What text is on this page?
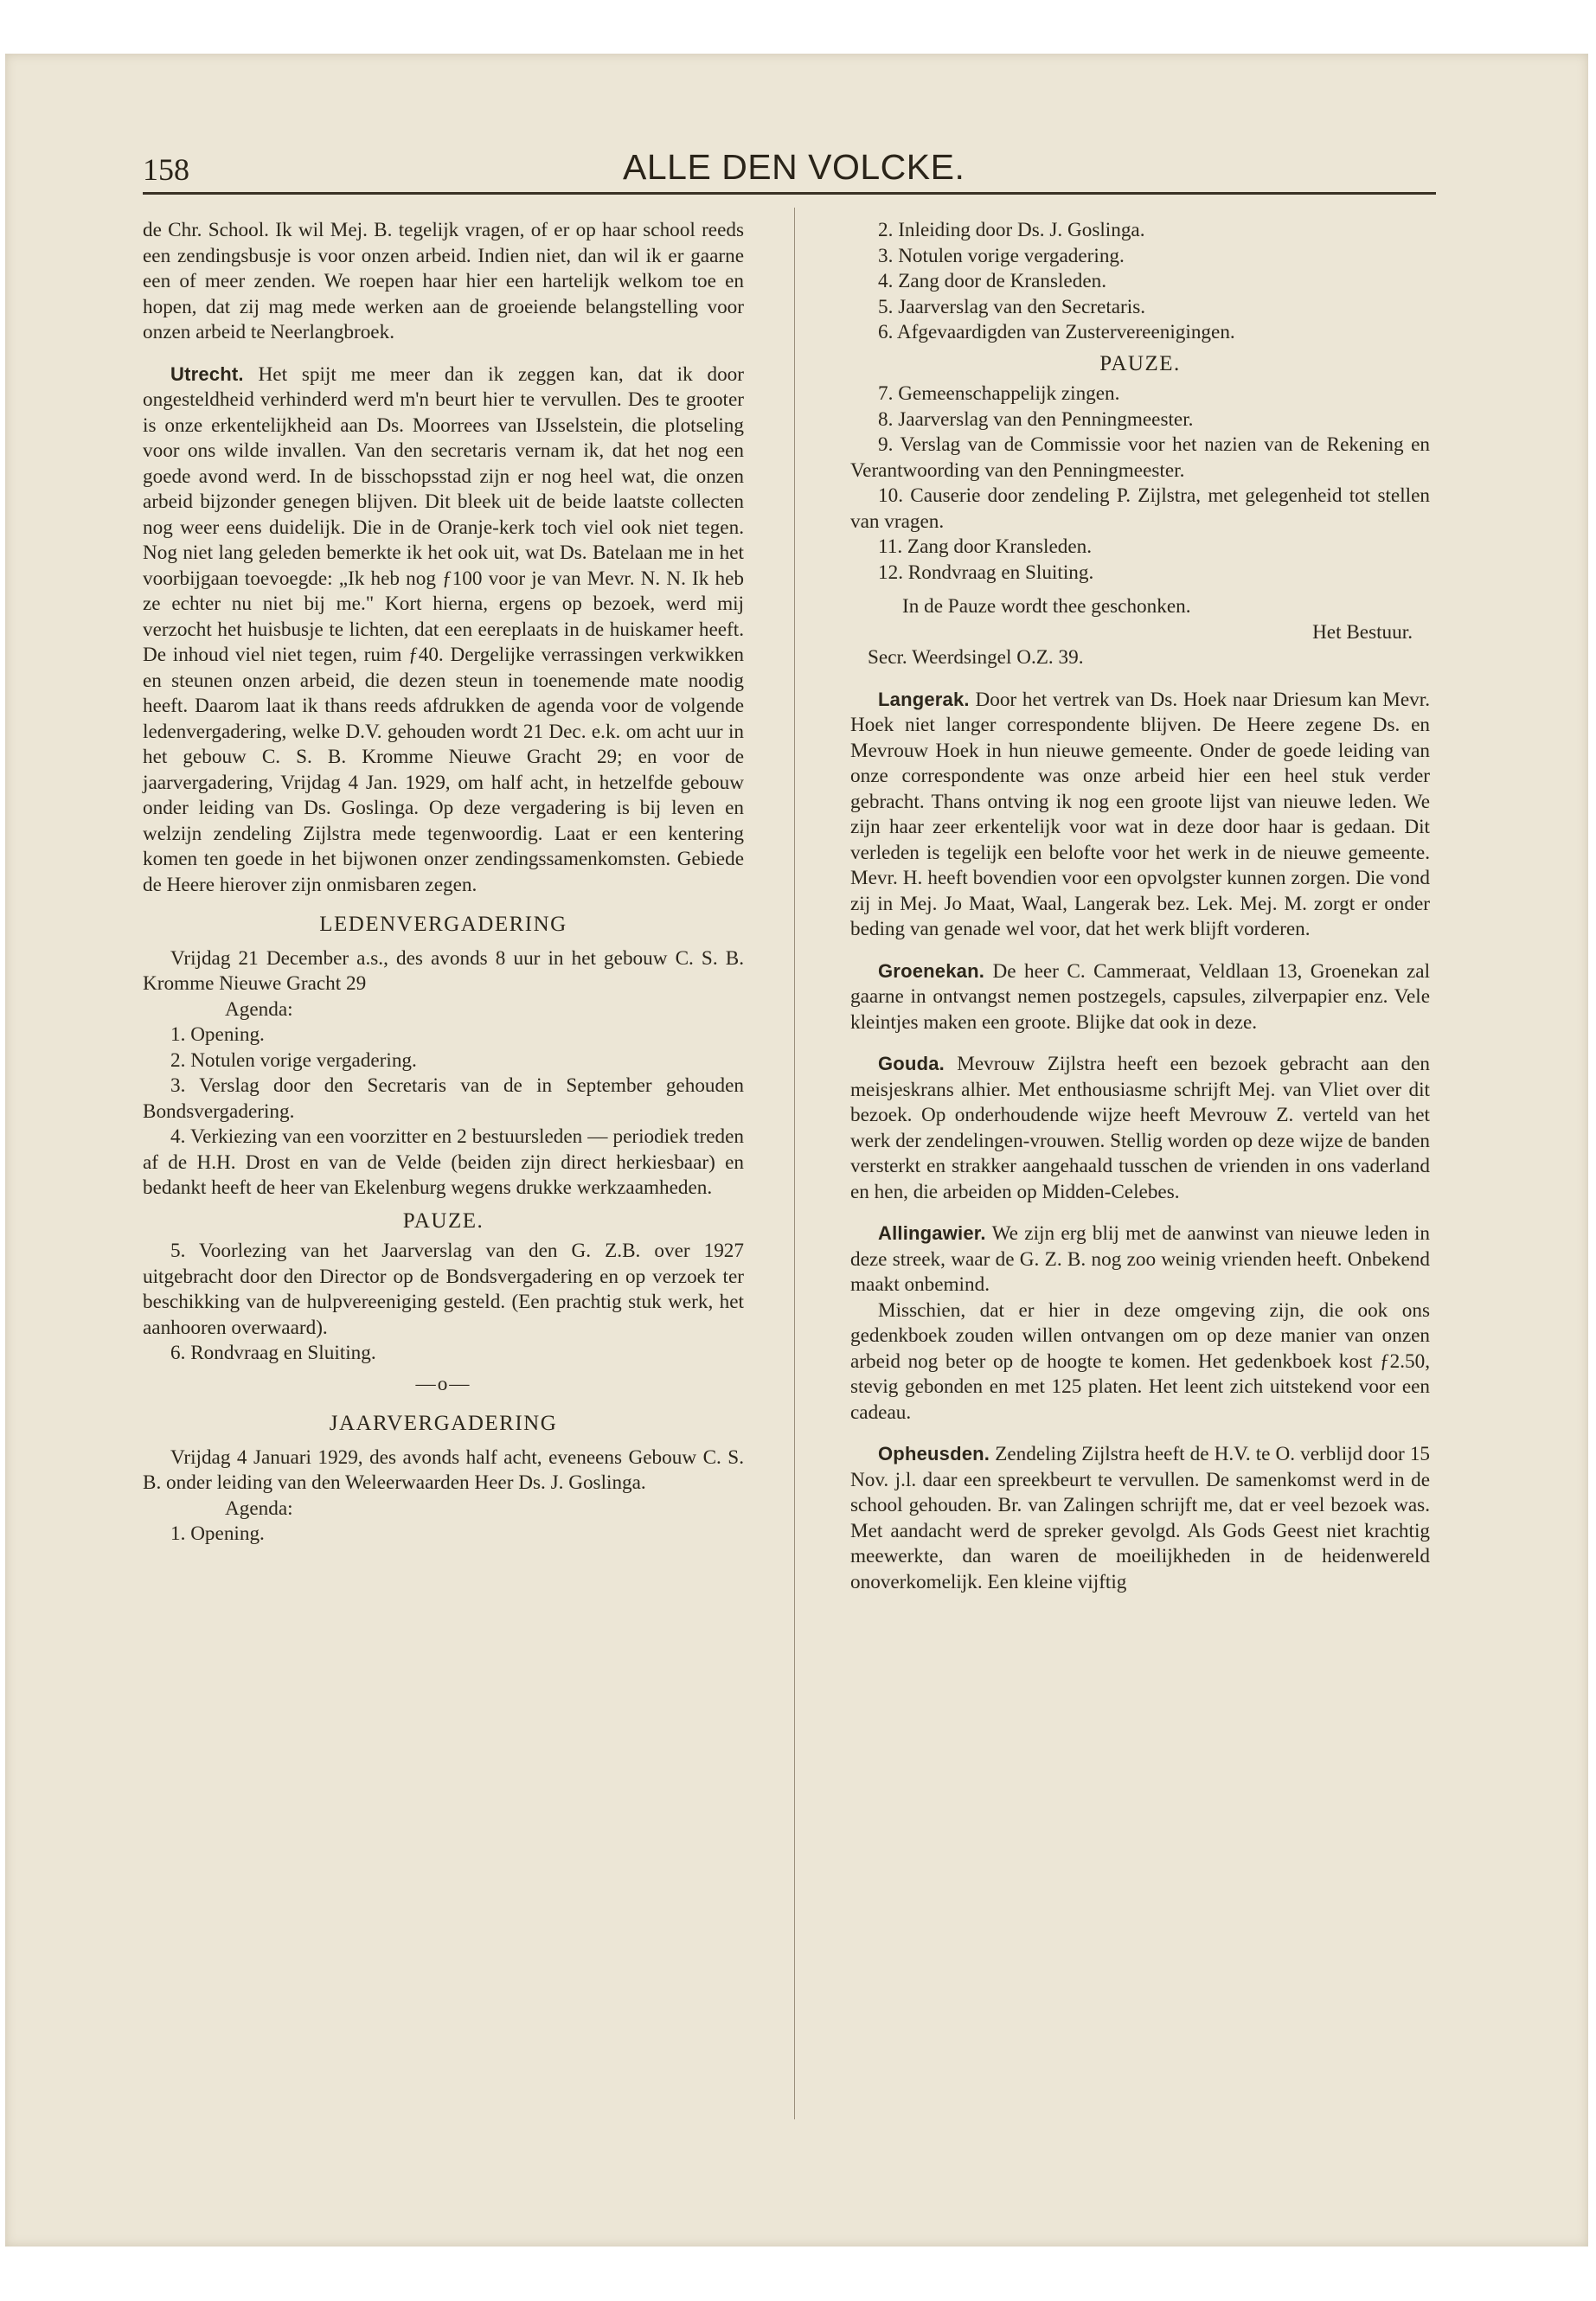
158	ALLE DEN VOLCKE.

de Chr. School. Ik wil Mej. B. tegelijk vragen, of er op haar school reeds een zendingsbusje is voor onzen arbeid. Indien niet, dan wil ik er gaarne een of meer zenden. We roepen haar hier een hartelijk welkom toe en hopen, dat zij mag mede werken aan de groeiende belangstelling voor onzen arbeid te Neerlangbroek.

Utrecht. Het spijt me meer dan ik zeggen kan, dat ik door ongesteldheid verhinderd werd m'n beurt hier te vervullen. Des te grooter is onze erkentelijkheid aan Ds. Moorrees van IJsselstein, die plotseling voor ons wilde invallen. Van den secretaris vernam ik, dat het nog een goede avond werd. In de bisschopsstad zijn er nog heel wat, die onzen arbeid bijzonder genegen blijven. Dit bleek uit de beide laatste collecten nog weer eens duidelijk. Die in de Oranje-kerk toch viel ook niet tegen. Nog niet lang geleden bemerkte ik het ook uit, wat Ds. Batelaan me in het voorbijgaan toevoegde: „Ik heb nog ƒ100 voor je van Mevr. N. N. Ik heb ze echter nu niet bij me." Kort hierna, ergens op bezoek, werd mij verzocht het huisbusje te lichten, dat een eereplaats in de huiskamer heeft. De inhoud viel niet tegen, ruim ƒ40. Dergelijke verrassingen verkwikken en steunen onzen arbeid, die dezen steun in toenemende mate noodig heeft. Daarom laat ik thans reeds afdrukken de agenda voor de volgende ledenvergadering, welke D.V. gehouden wordt 21 Dec. e.k. om acht uur in het gebouw C. S. B. Kromme Nieuwe Gracht 29; en voor de jaarvergadering, Vrijdag 4 Jan. 1929, om half acht, in hetzelfde gebouw onder leiding van Ds. Goslinga. Op deze vergadering is bij leven en welzijn zendeling Zijlstra mede tegenwoordig. Laat er een kentering komen ten goede in het bijwonen onzer zendingssamenkomsten. Gebiede de Heere hierover zijn onmisbaren zegen.

LEDENVERGADERING

Vrijdag 21 December a.s., des avonds 8 uur in het gebouw C. S. B. Kromme Nieuwe Gracht 29

Agenda:

1. Opening.

2. Notulen vorige vergadering.

3. Verslag door den Secretaris van de in September gehouden Bondsvergadering.

4. Verkiezing van een voorzitter en 2 bestuursleden — periodiek treden af de H.H. Drost en van de Velde (beiden zijn direct herkiesbaar) en bedankt heeft de heer van Ekelenburg wegens drukke werkzaamheden.

PAUZE.

5. Voorlezing van het Jaarverslag van den G. Z.B. over 1927 uitgebracht door den Director op de Bondsvergadering en op verzoek ter beschikking van de hulpvereeniging gesteld. (Een prachtig stuk werk, het aanhooren overwaard).

6. Rondvraag en Sluiting.

—o—
JAARVERGADERING

Vrijdag 4 Januari 1929, des avonds half acht, eveneens Gebouw C. S. B. onder leiding van den Weleerwaarden Heer Ds. J. Goslinga.

Agenda:

1. Opening.

2. Inleiding door Ds. J. Goslinga.

3. Notulen vorige vergadering.

4. Zang door de Kransleden.

5. Jaarverslag van den Secretaris.

6. Afgevaardigden van Zustervereenigingen.

PAUZE.

7. Gemeenschappelijk zingen.

8. Jaarverslag van den Penningmeester.

9. Verslag van de Commissie voor het nazien van de Rekening en Verantwoording van den Penningmeester.

10. Causerie door zendeling P. Zijlstra, met gelegenheid tot stellen van vragen.

11. Zang door Kransleden.

12. Rondvraag en Sluiting.

In de Pauze wordt thee geschonken.

Het Bestuur.

Secr. Weerdsingel O.Z. 39.

Langerak. Door het vertrek van Ds. Hoek naar Driesum kan Mevr. Hoek niet langer correspondente blijven. De Heere zegene Ds. en Mevrouw Hoek in hun nieuwe gemeente. Onder de goede leiding van onze correspondente was onze arbeid hier een heel stuk verder gebracht. Thans ontving ik nog een groote lijst van nieuwe leden. We zijn haar zeer erkentelijk voor wat in deze door haar is gedaan. Dit verleden is tegelijk een belofte voor het werk in de nieuwe gemeente. Mevr. H. heeft bovendien voor een opvolgster kunnen zorgen. Die vond zij in Mej. Jo Maat, Waal, Langerak bez. Lek. Mej. M. zorgt er onder beding van genade wel voor, dat het werk blijft vorderen.

Groenekan. De heer C. Cammeraat, Veldlaan 13, Groenekan zal gaarne in ontvangst nemen postzegels, capsules, zilverpapier enz. Vele kleintjes maken een groote. Blijke dat ook in deze.

Gouda. Mevrouw Zijlstra heeft een bezoek gebracht aan den meisjeskrans alhier. Met enthousiasme schrijft Mej. van Vliet over dit bezoek. Op onderhoudende wijze heeft Mevrouw Z. verteld van het werk der zendelingen-vrouwen. Stellig worden op deze wijze de banden versterkt en strakker aangehaald tusschen de vrienden in ons vaderland en hen, die arbeiden op Midden-Celebes.

Allingawier. We zijn erg blij met de aanwinst van nieuwe leden in deze streek, waar de G. Z. B. nog zoo weinig vrienden heeft. Onbekend maakt onbemind.

Misschien, dat er hier in deze omgeving zijn, die ook ons gedenkboek zouden willen ontvangen om op deze manier van onzen arbeid nog beter op de hoogte te komen. Het gedenkboek kost ƒ2.50, stevig gebonden en met 125 platen. Het leent zich uitstekend voor een cadeau.

Opheusden. Zendeling Zijlstra heeft de H.V. te O. verblijd door 15 Nov. j.l. daar een spreekbeurt te vervullen. De samenkomst werd in de school gehouden. Br. van Zalingen schrijft me, dat er veel bezoek was. Met aandacht werd de spreker gevolgd. Als Gods Geest niet krachtig meewerkte, dan waren de moeilijkheden in de heidenwereld onoverkomelijk. Een kleine vijftig
